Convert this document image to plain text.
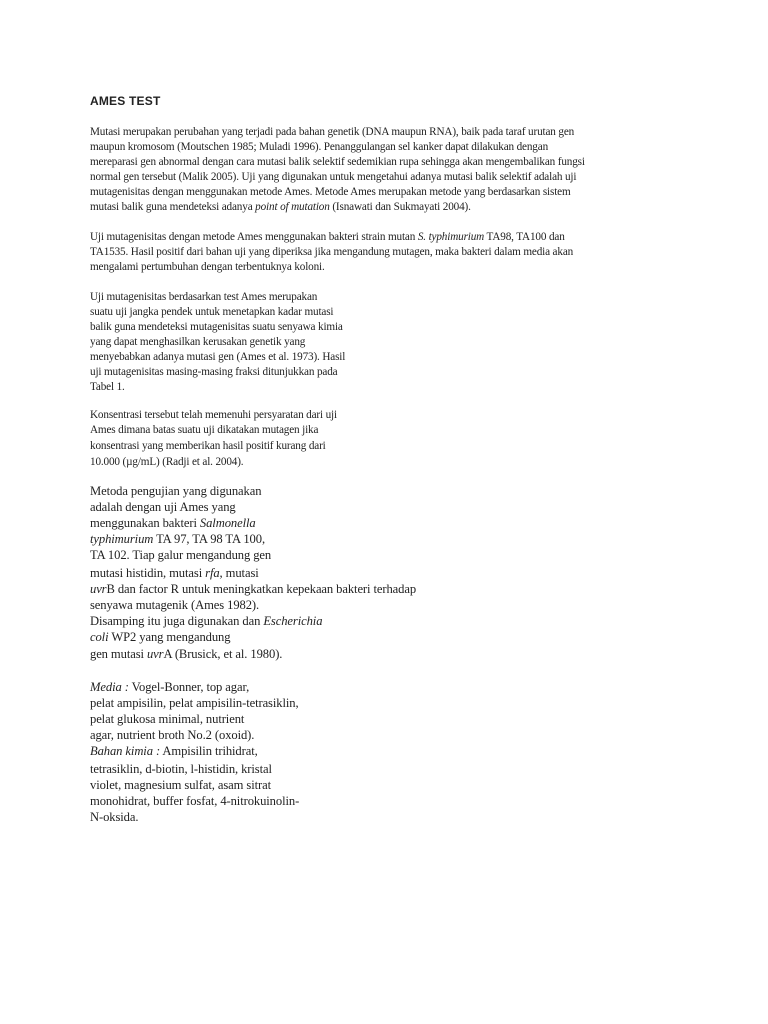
AMES TEST
Mutasi merupakan perubahan yang terjadi pada bahan genetik (DNA maupun RNA), baik pada taraf urutan gen
maupun kromosom (Moutschen 1985; Muladi 1996). Penanggulangan sel kanker dapat dilakukan dengan
mereparasi gen abnormal dengan cara mutasi balik selektif sedemikian rupa sehingga akan mengembalikan fungsi
normal gen tersebut (Malik 2005). Uji yang digunakan untuk mengetahui adanya mutasi balik selektif adalah uji
mutagenisitas dengan menggunakan metode Ames. Metode Ames merupakan metode yang berdasarkan sistem
mutasi balik guna mendeteksi adanya point of mutation (Isnawati dan Sukmayati 2004).
Uji mutagenisitas dengan metode Ames menggunakan bakteri strain mutan S. typhimurium TA98, TA100 dan
TA1535. Hasil positif dari bahan uji yang diperiksa jika mengandung mutagen, maka bakteri dalam media akan
mengalami pertumbuhan dengan terbentuknya koloni.
Uji mutagenisitas berdasarkan test Ames merupakan
suatu uji jangka pendek untuk menetapkan kadar mutasi
balik guna mendeteksi mutagenisitas suatu senyawa kimia
yang dapat menghasilkan kerusakan genetik yang
menyebabkan adanya mutasi gen (Ames et al. 1973). Hasil
uji mutagenisitas masing-masing fraksi ditunjukkan pada
Tabel 1.
Konsentrasi tersebut telah memenuhi persyaratan dari uji
Ames dimana batas suatu uji dikatakan mutagen jika
konsentrasi yang memberikan hasil positif kurang dari
10.000 (µg/mL) (Radji et al. 2004).
Metoda pengujian yang digunakan
adalah dengan uji Ames yang
menggunakan bakteri Salmonella
typhimurium TA 97, TA 98 TA 100,
TA 102. Tiap galur mengandung gen
mutasi histidin, mutasi rfa, mutasi
uvrB dan factor R untuk meningkatkan kepekaan bakteri terhadap
senyawa mutagenik (Ames 1982).
Disamping itu juga digunakan dan Escherichia
coli WP2 yang mengandung
gen mutasi uvrA (Brusick, et al. 1980).
Media : Vogel-Bonner, top agar,
pelat ampisilin, pelat ampisilin-tetrasiklin,
pelat glukosa minimal, nutrient
agar, nutrient broth No.2 (oxoid).
Bahan kimia : Ampisilin trihidrat,
tetrasiklin, d-biotin, l-histidin, kristal
violet, magnesium sulfat, asam sitrat
monohidrat, buffer fosfat, 4-nitrokuinolin-
N-oksida.
